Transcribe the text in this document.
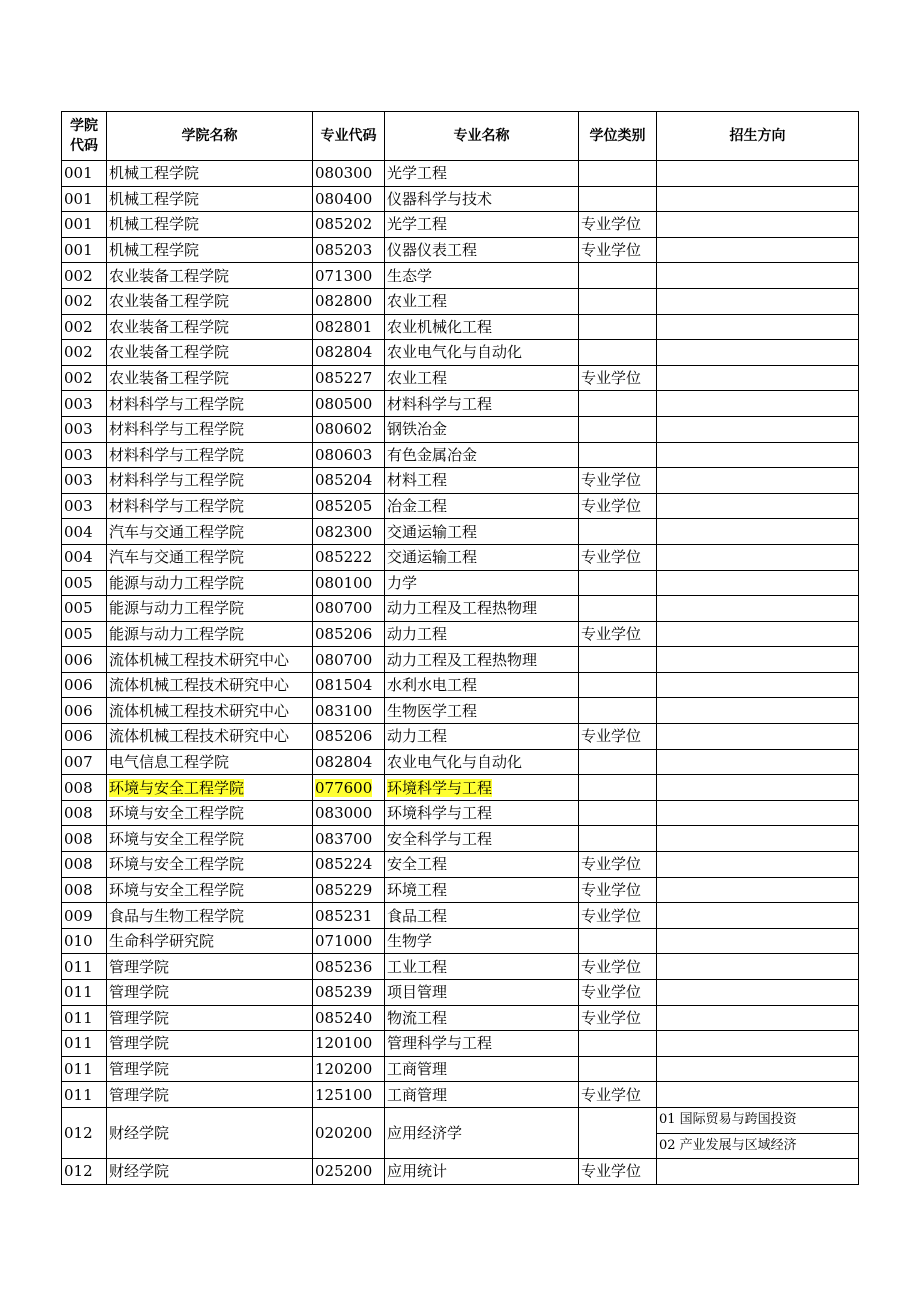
学院代码	学院名称	专业代码	专业名称	学位类别	招生方向
001	机械工程学院	080300	光学工程		
001	机械工程学院	080400	仪器科学与技术		
001	机械工程学院	085202	光学工程	专业学位	
001	机械工程学院	085203	仪器仪表工程	专业学位	
002	农业装备工程学院	071300	生态学		
002	农业装备工程学院	082800	农业工程		
002	农业装备工程学院	082801	农业机械化工程		
002	农业装备工程学院	082804	农业电气化与自动化		
002	农业装备工程学院	085227	农业工程	专业学位	
003	材料科学与工程学院	080500	材料科学与工程		
003	材料科学与工程学院	080602	钢铁冶金		
003	材料科学与工程学院	080603	有色金属冶金		
003	材料科学与工程学院	085204	材料工程	专业学位	
003	材料科学与工程学院	085205	冶金工程	专业学位	
004	汽车与交通工程学院	082300	交通运输工程		
004	汽车与交通工程学院	085222	交通运输工程	专业学位	
005	能源与动力工程学院	080100	力学		
005	能源与动力工程学院	080700	动力工程及工程热物理		
005	能源与动力工程学院	085206	动力工程	专业学位	
006	流体机械工程技术研究中心	080700	动力工程及工程热物理		
006	流体机械工程技术研究中心	081504	水利水电工程		
006	流体机械工程技术研究中心	083100	生物医学工程		
006	流体机械工程技术研究中心	085206	动力工程	专业学位	
007	电气信息工程学院	082804	农业电气化与自动化		
008	环境与安全工程学院	077600	环境科学与工程		
008	环境与安全工程学院	083000	环境科学与工程		
008	环境与安全工程学院	083700	安全科学与工程		
008	环境与安全工程学院	085224	安全工程	专业学位	
008	环境与安全工程学院	085229	环境工程	专业学位	
009	食品与生物工程学院	085231	食品工程	专业学位	
010	生命科学研究院	071000	生物学		
011	管理学院	085236	工业工程	专业学位	
011	管理学院	085239	项目管理	专业学位	
011	管理学院	085240	物流工程	专业学位	
011	管理学院	120100	管理科学与工程		
011	管理学院	120200	工商管理		
011	管理学院	125100	工商管理	专业学位	
012	财经学院	020200	应用经济学		01 国际贸易与跨国投资
					02 产业发展与区域经济
012	财经学院	025200	应用统计	专业学位	
